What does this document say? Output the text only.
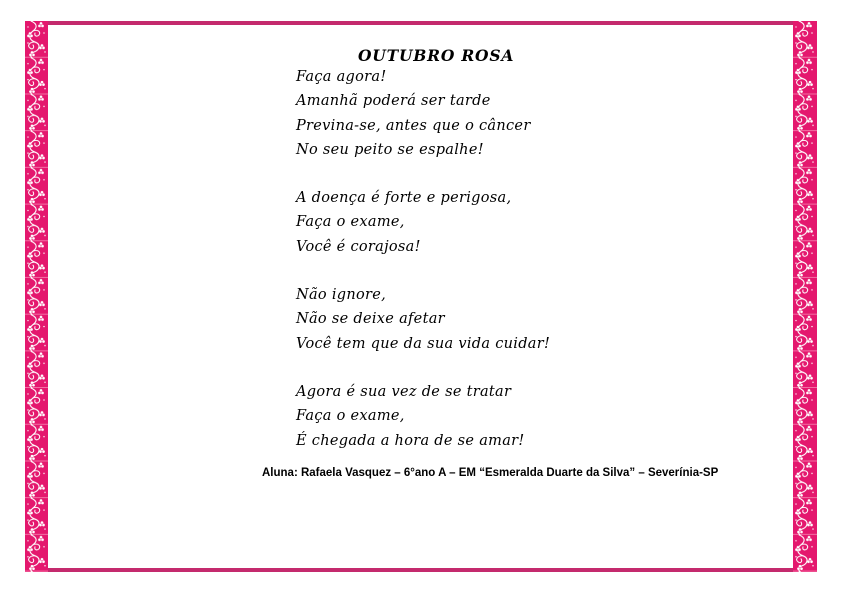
OUTUBRO ROSA
Faça agora!
Amanhã poderá ser tarde
Previna-se, antes que o câncer
No seu peito se espalhe!
A doença é forte e perigosa,
Faça o exame,
Você é corajosa!
Não ignore,
Não se deixe afetar
Você tem que da sua vida cuidar!
Agora é sua vez de se tratar
Faça o exame,
É chegada a hora de se amar!
Aluna: Rafaela Vasquez – 6°ano A – EM “Esmeralda Duarte da Silva” – Severínia-SP
